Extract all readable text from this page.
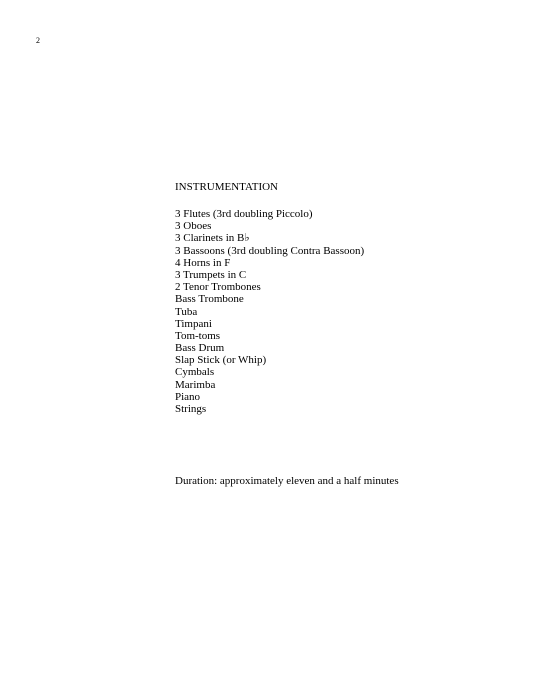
2
INSTRUMENTATION
3 Flutes (3rd doubling Piccolo)
3 Oboes
3 Clarinets in B♭
3 Bassoons (3rd doubling Contra Bassoon)
4 Horns in F
3 Trumpets in C
2 Tenor Trombones
Bass Trombone
Tuba
Timpani
Tom-toms
Bass Drum
Slap Stick (or Whip)
Cymbals
Marimba
Piano
Strings
Duration: approximately eleven and a half minutes
